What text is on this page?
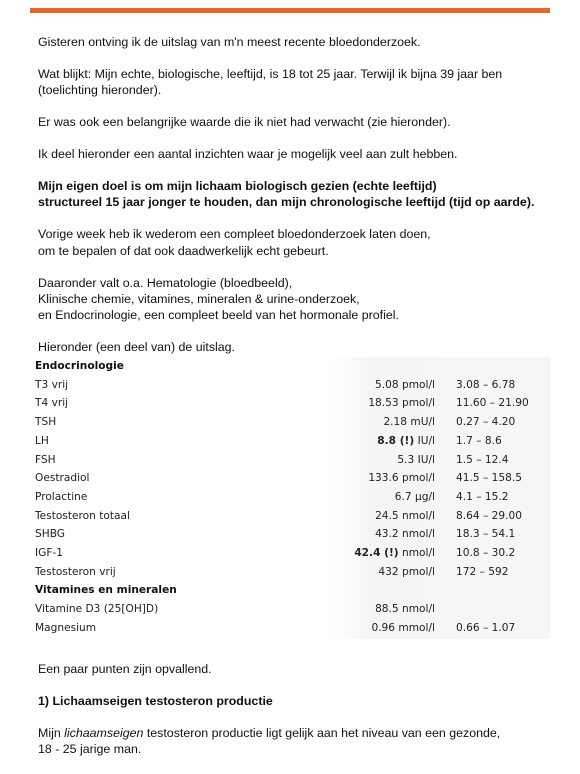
Gisteren ontving ik de uitslag van m'n meest recente bloedonderzoek.

Wat blijkt: Mijn echte, biologische, leeftijd, is 18 tot 25 jaar. Terwijl ik bijna 39 jaar ben (toelichting hieronder).

Er was ook een belangrijke waarde die ik niet had verwacht (zie hieronder).

Ik deel hieronder een aantal inzichten waar je mogelijk veel aan zult hebben.

Mijn eigen doel is om mijn lichaam biologisch gezien (echte leeftijd)
structureel 15 jaar jonger te houden, dan mijn chronologische leeftijd (tijd op aarde).

Vorige week heb ik wederom een compleet bloedonderzoek laten doen,
om te bepalen of dat ook daadwerkelijk echt gebeurt.

Daaronder valt o.a. Hematologie (bloedbeeld),
Klinische chemie, vitamines, mineralen & urine-onderzoek,
en Endocrinologie, een compleet beeld van het hormonale profiel.

Hieronder (een deel van) de uitslag.

Endocrinologie
T3 vrij	5.08 pmol/l 3.08 – 6.78
T4 vrij	18.53 pmol/l 11.60 – 21.90
TSH	2.18 mU/l 0.27 – 4.20
LH	8.8 (!) IU/l 1.7 – 8.6
FSH	5.3 IU/l 1.5 – 12.4
Oestradiol	133.6 pmol/l 41.5 – 158.5
Prolactine	6.7 µg/l 4.1 – 15.2
Testosteron totaal	24.5 nmol/l 8.64 – 29.00
SHBG	43.2 nmol/l 18.3 – 54.1
IGF-1	42.4 (!) nmol/l 10.8 – 30.2
Testosteron vrij	432 pmol/l 172 – 592
Vitamines en mineralen
Vitamine D3 (25[OH]D)	88.5 nmol/l
Magnesium	0.96 mmol/l 0.66 – 1.07

Een paar punten zijn opvallend.

1) Lichaamseigen testosteron productie

Mijn lichaamseigen testosteron productie ligt gelijk aan het niveau van een gezonde,
18 - 25 jarige man.
